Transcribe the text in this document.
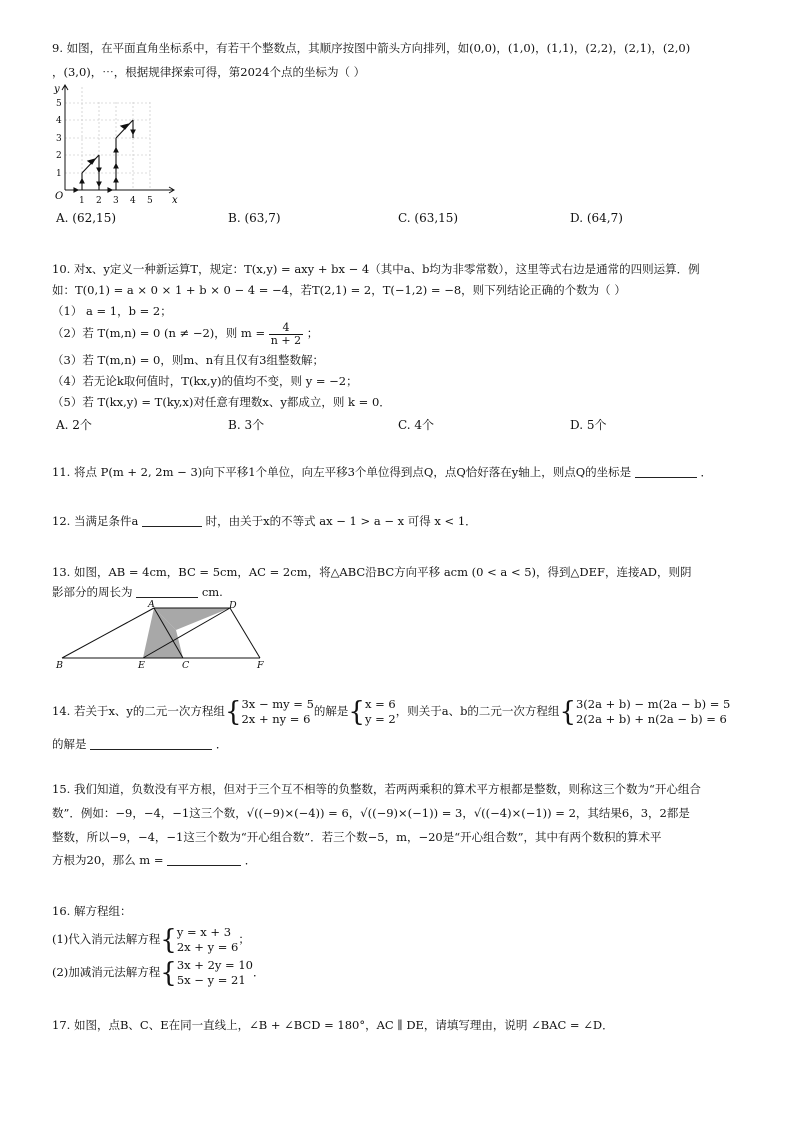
9. 如图，在平面直角坐标系中，有若干个整数点，其顺序按图中箭头方向排列，如(0,0)，(1,0)，(1,1)，(2,2)，(2,1)，(2,0)
，(3,0)，⋯，根据规律探索可得，第2024个点的坐标为（ ）
y
x
O 1 2 3 4 5
1
2
3
4
5
A. (62,15)	B. (63,7)	C. (63,15)	D. (64,7)
10. 对x、y定义一种新运算T，规定：T(x,y) = axy + bx − 4（其中a、b均为非零常数），这里等式右边是通常的四则运算．例
如：T(0,1) = a × 0 × 1 + b × 0 − 4 = −4，若T(2,1) = 2，T(−1,2) = −8，则下列结论正确的个数为（ ）
（1） a = 1，b = 2；
（2）若 T(m,n) = 0 (n ≠ −2)，则 $m = \frac{4}{n + 2}$ ；
（3）若 T(m,n) = 0，则m、n有且仅有3组整数解；
（4）若无论k取何值时，T(kx,y)的值均不变，则 y = −2；
（5）若 T(kx,y) = T(ky,x)对任意有理数x、y都成立，则 k = 0．
A. 2个	B. 3个	C. 4个	D. 5个
11. 将点 P(m + 2, 2m − 3)向下平移1个单位，向左平移3个单位得到点Q，点Q恰好落在y轴上，则点Q的坐标是	．
12. 当满足条件a	时，由关于x的不等式 ax − 1 > a − x 可得 x < 1．
13. 如图，AB = 4cm，BC = 5cm，AC = 2cm，将△ABC沿BC方向平移 acm (0 < a < 5)，得到△DEF，连接AD，则阴
影部分的周长为	cm.
A	D
B	E	C	F
14. 若关于x、y的二元一次方程组{ 3x − my = 5
2x + ny = 6
的解是{ x = 6
y = 2
，则关于a、b的二元一次方程组{ 3(2a + b) − m(2a − b) = 5
2(2a + b) + n(2a − b) = 6
的解是	．
15. 我们知道，负数没有平方根，但对于三个互不相等的负整数，若两两乘积的算术平方根都是整数，则称这三个数为“开心组合
数”．例如：−9，−4，−1这三个数，√((−9)×(−4)) = 6，√((−9)×(−1)) = 3，√((−4)×(−1)) = 2，其结果6，3，2都是
整数，所以−9，−4，−1这三个数为“开心组合数”．若三个数−5，m，−20是“开心组合数”，其中有两个数积的算术平
方根为20，那么 m =	．
16. 解方程组：
(1)代入消元法解方程{ y = x + 3
2x + y = 6
；
(2)加减消元法解方程{ 3x + 2y = 10
5x − y = 21
．
17. 如图，点B、C、E在同一直线上，∠B + ∠BCD = 180°，AC ∥ DE，请填写理由，说明 ∠BAC = ∠D．
